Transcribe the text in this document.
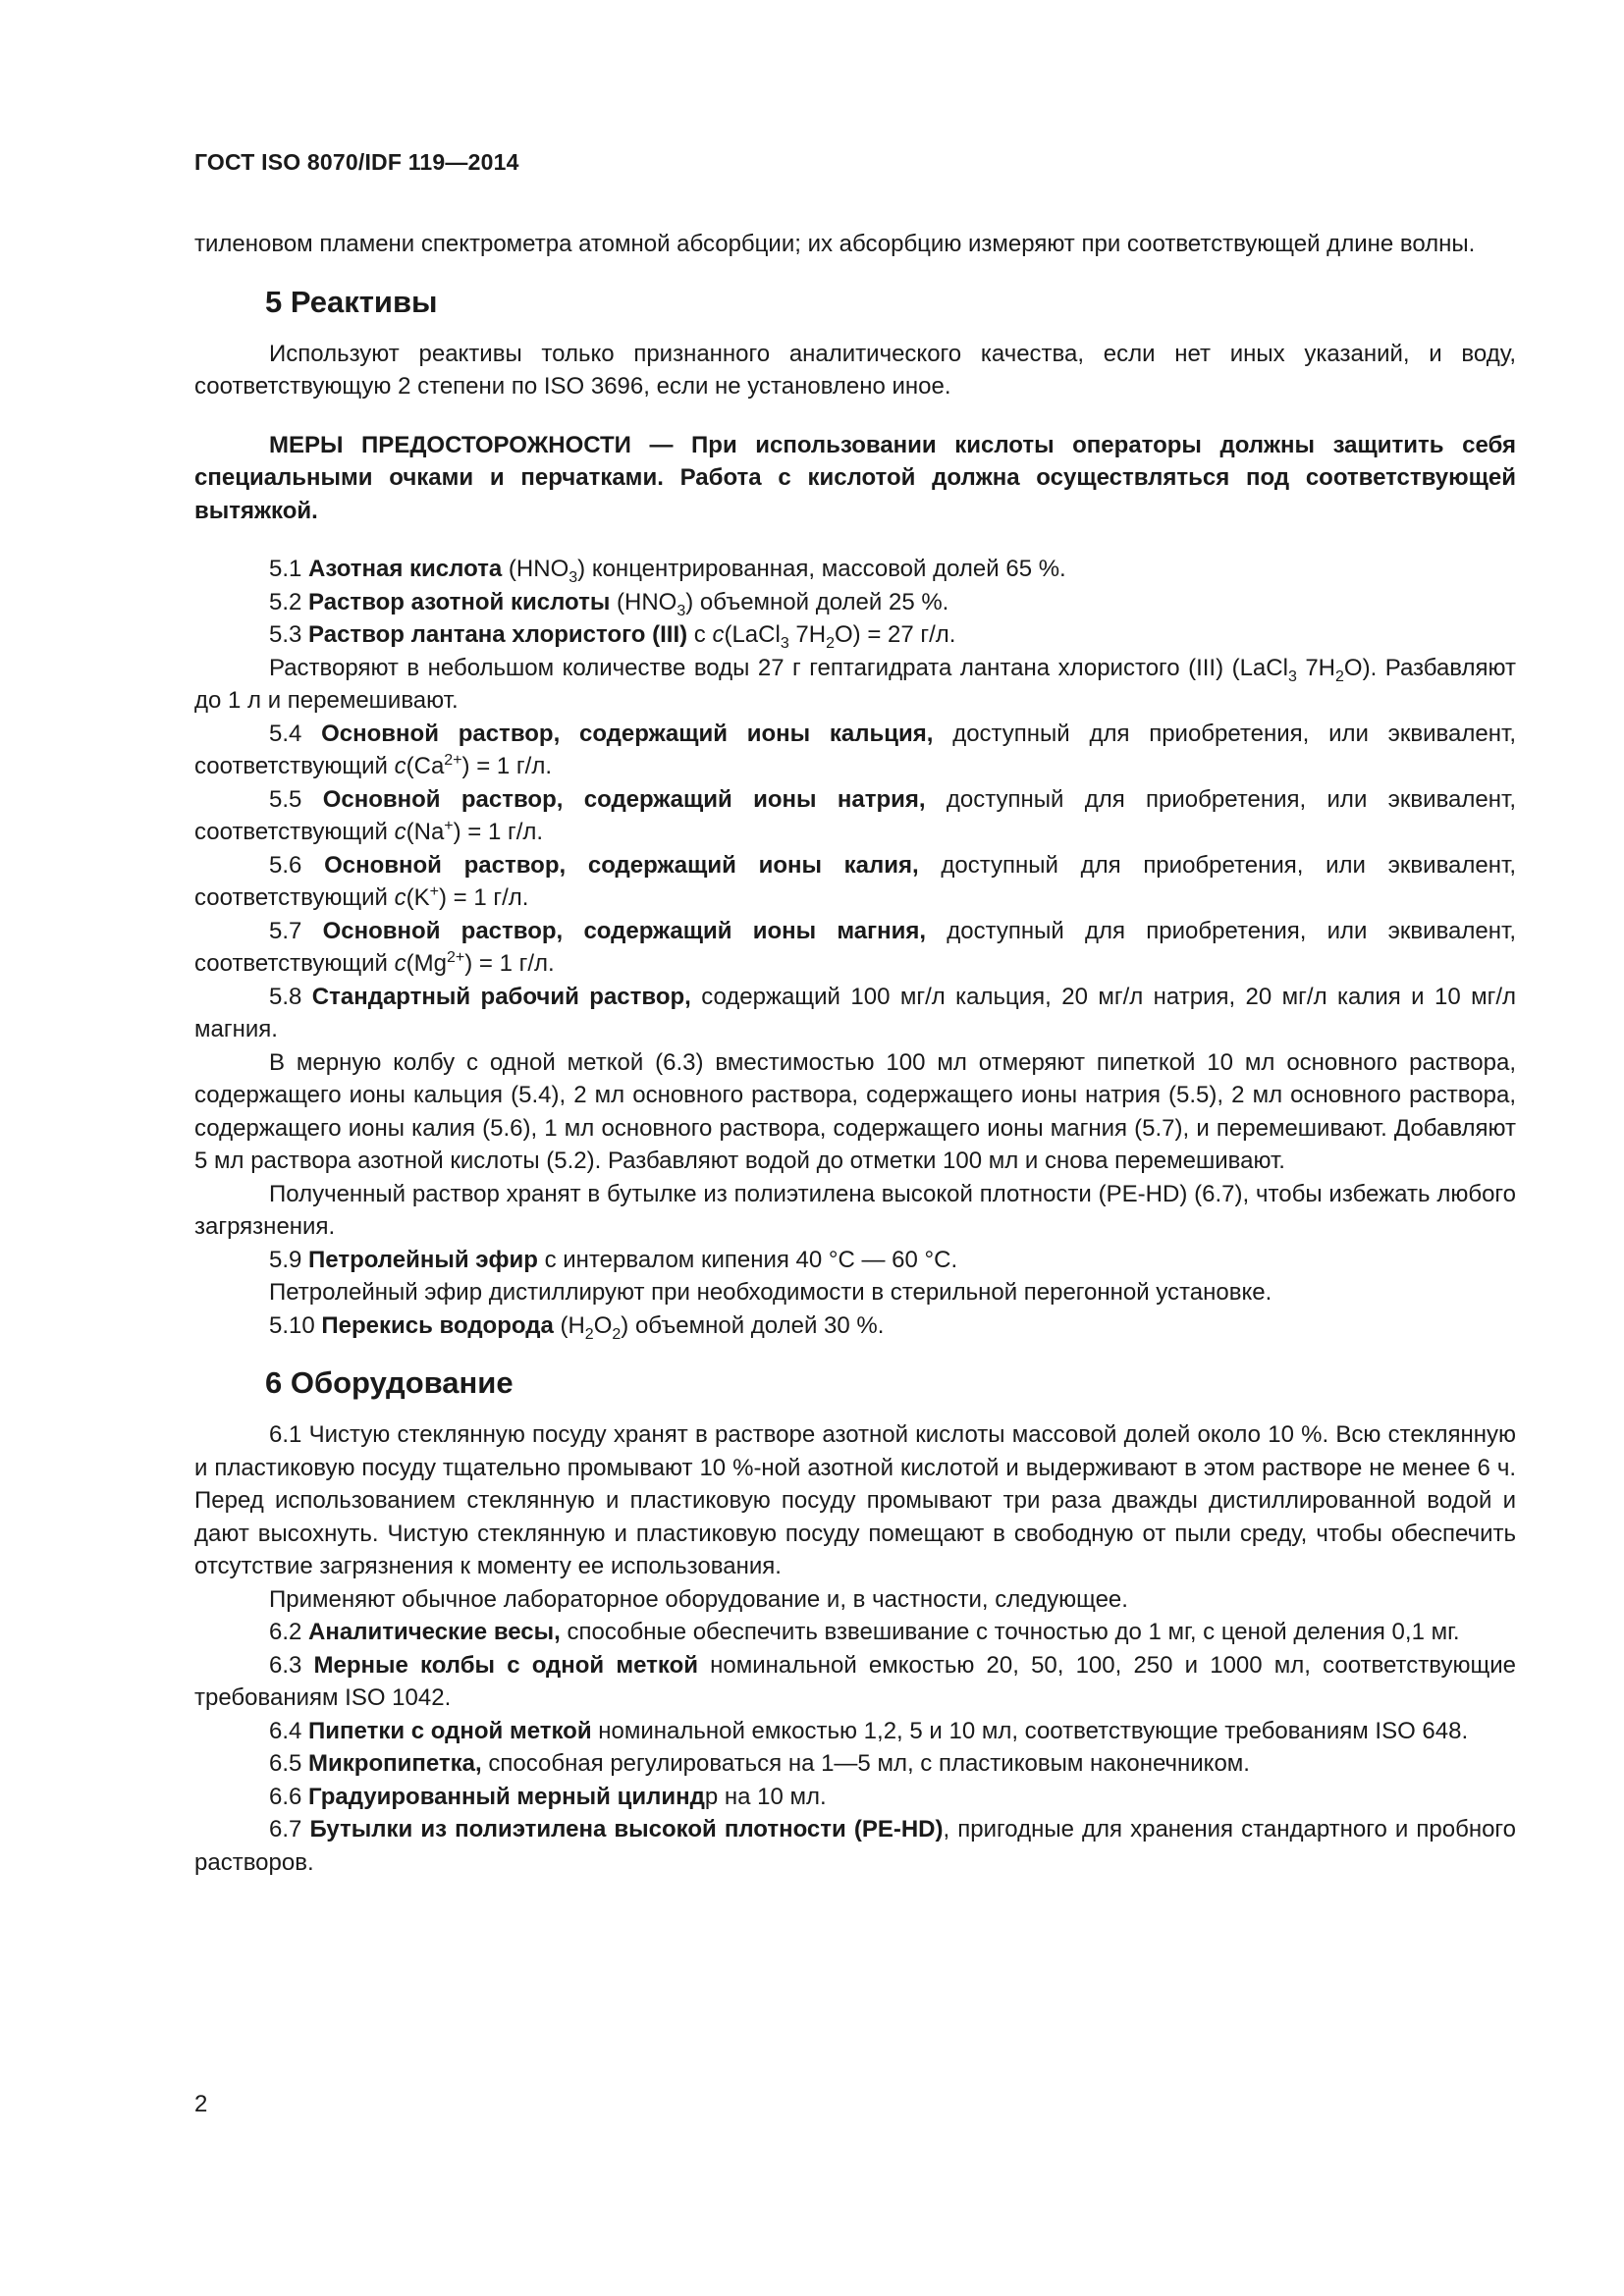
ГОСТ ISO 8070/IDF 119—2014

тиленовом пламени спектрометра атомной абсорбции; их абсорбцию измеряют при соответствующей длине волны.

5 Реактивы

Используют реактивы только признанного аналитического качества, если нет иных указаний, и воду, соответствующую 2 степени по ISO 3696, если не установлено иное.

МЕРЫ ПРЕДОСТОРОЖНОСТИ — При использовании кислоты операторы должны защитить себя специальными очками и перчатками. Работа с кислотой должна осуществляться под соответствующей вытяжкой.

5.1 Азотная кислота $(HNO_3)$ концентрированная, массовой долей 65 %.

5.2 Раствор азотной кислоты $(HNO_3)$ объемной долей 25 %.

5.3 Раствор лантана хлористого (III) с c(LaCl$_3$ $7H_2O) = 27$ г/л.

Растворяют в небольшом количестве воды 27 г гептагидрата лантана хлористого (III) (LaCl$_3$ $7H_2O$). Разбавляют до 1 л и перемешивают.

5.4 Основной раствор, содержащий ионы кальция, доступный для приобретения, или эквивалент, соответствующий $c(Ca^{2+}) = 1$ г/л.

5.5 Основной раствор, содержащий ионы натрия, доступный для приобретения, или эквивалент, соответствующий c(Na+) = 1 г/л.

5.6 Основной раствор, содержащий ионы калия, доступный для приобретения, или эквивалент, соответствующий c(K+) = 1 г/л.

5.7 Основной раствор, содержащий ионы магния, доступный для приобретения, или эквивалент, соответствующий $c(Mg^{2+}) = 1$ г/л.

5.8 Стандартный рабочий раствор, содержащий 100 мг/л кальция, 20 мг/л натрия, 20 мг/л калия и 10 мг/л магния.

В мерную колбу с одной меткой (6.3) вместимостью 100 мл отмеряют пипеткой 10 мл основного раствора, содержащего ионы кальция (5.4), 2 мл основного раствора, содержащего ионы натрия (5.5), 2 мл основного раствора, содержащего ионы калия (5.6), 1 мл основного раствора, содержащего ионы магния (5.7), и перемешивают. Добавляют 5 мл раствора азотной кислоты (5.2). Разбавляют водой до отметки 100 мл и снова перемешивают.

Полученный раствор хранят в бутылке из полиэтилена высокой плотности (PE-HD) (6.7), чтобы избежать любого загрязнения.

5.9 Петролейный эфир с интервалом кипения 40 °C — 60 °C.

Петролейный эфир дистиллируют при необходимости в стерильной перегонной установке.

5.10 Перекись водорода $(H_2O_2)$ объемной долей 30 %.

6 Оборудование

6.1 Чистую стеклянную посуду хранят в растворе азотной кислоты массовой долей около 10 %. Всю стеклянную и пластиковую посуду тщательно промывают 10 %-ной азотной кислотой и выдерживают в этом растворе не менее 6 ч. Перед использованием стеклянную и пластиковую посуду промывают три раза дважды дистиллированной водой и дают высохнуть. Чистую стеклянную и пластиковую посуду помещают в свободную от пыли среду, чтобы обеспечить отсутствие загрязнения к моменту ее использования.

Применяют обычное лабораторное оборудование и, в частности, следующее.

6.2 Аналитические весы, способные обеспечить взвешивание с точностью до 1 мг, с ценой деления 0,1 мг.

6.3 Мерные колбы с одной меткой номинальной емкостью 20, 50, 100, 250 и 1000 мл, соответствующие требованиям ISO 1042.

6.4 Пипетки с одной меткой номинальной емкостью 1,2, 5 и 10 мл, соответствующие требованиям ISO 648.

6.5 Микропипетка, способная регулироваться на 1—5 мл, с пластиковым наконечником.

6.6 Градуированный мерный цилиндр на 10 мл.

6.7 Бутылки из полиэтилена высокой плотности (PE-HD), пригодные для хранения стандартного и пробного растворов.

2
